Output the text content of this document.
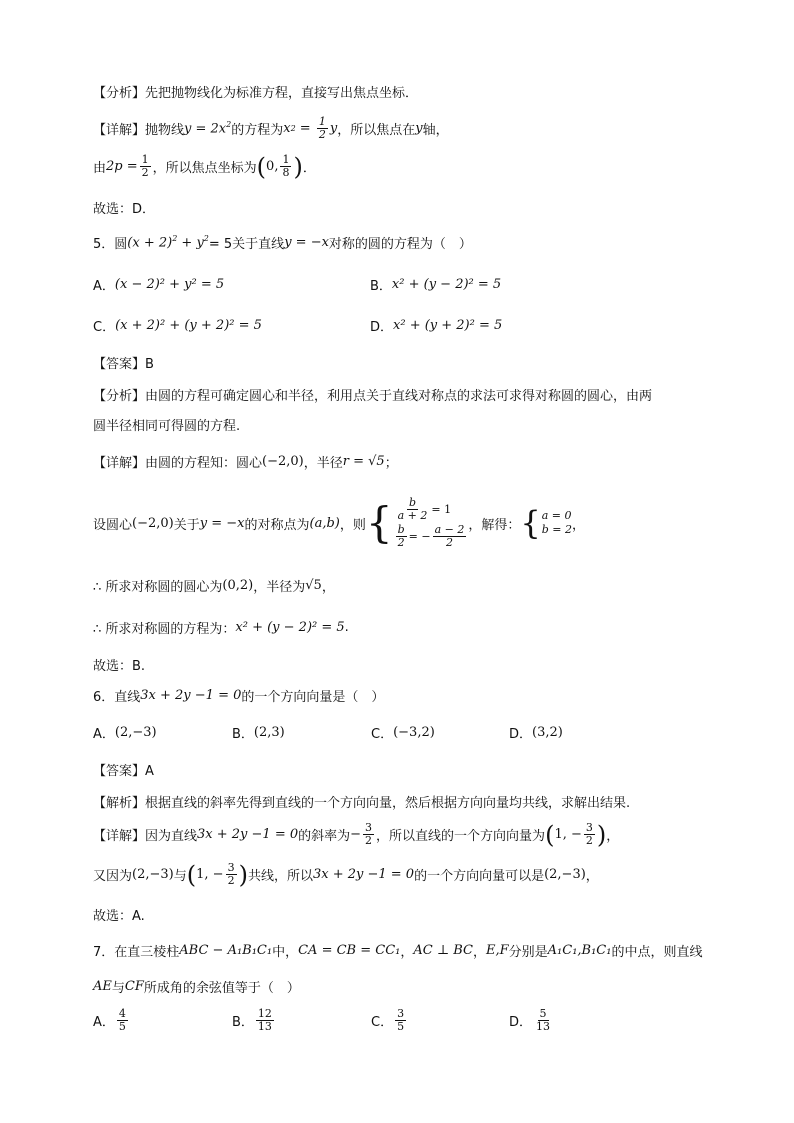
【分析】先把抛物线化为标准方程，直接写出焦点坐标．
【详解】抛物线 $y = 2x^2$ 的方程为 x $2 = \frac{1}{2}$ y ，所以焦点在 y 轴，
由 $2p = \frac{1}{2}$ ，所以焦点坐标为 ( 0 , $\frac{1}{8}$ ) ．
故选：D．
5．圆 $(x + 2)^2 + y^2 = 5$关于直线 y = −x 对称的圆的方程为（　）
A． (x − 2)² + y² = 5	B． x² + (y − 2)² = 5
C． (x + 2)² + (y + 2)² = 5	D． x² + (y + 2)² = 5
【答案】B
【分析】由圆的方程可确定圆心和半径，利用点关于直线对称点的求法可求得对称圆的圆心，由两
圆半径相同可得圆的方程.
【详解】由圆的方程知：圆心 (−2,0) ，半径 r = √5 ；
设圆心 (−2,0) 关于 y = −x 的对称点为 (a,b) ，则 { $\frac{b}{a + 2} = 1$
$\frac{b}{2}$ = − $\frac{a - 2}{2}$ ，解得： { a = 0
b = 2 ，
∴ 所求对称圆的圆心为 (0,2) ，半径为 √5 ，
∴ 所求对称圆的方程为： x² + (y − 2)² = 5 .
故选：B.
6．直线 3x + 2y −1 = 0 的一个方向向量是（　）
A． (2,−3)	B． (2,3)	C． (−3,2)	D． (3,2)
【答案】A
【解析】根据直线的斜率先得到直线的一个方向向量，然后根据方向向量均共线，求解出结果.
【详解】因为直线 3x + 2y −1 = 0 的斜率为 − $\frac{3}{2}$ ，所以直线的一个方向向量为 ( 1, − $\frac{3}{2}$ ) ，
又因为 (2,−3) 与 ( 1, − $\frac{3}{2}$ ) 共线，所以 3x + 2y −1 = 0 的一个方向向量可以是 (2,−3) ，
故选：A.
7．在直三棱柱 ABC − A₁B₁C₁ 中， CA = CB = CC₁ ， AC ⊥ BC ， E,F 分别是 A₁C₁,B₁C₁ 的中点，则直线
AE 与 CF 所成角的余弦值等于（　）
A． $\frac{4}{5}$	B． $\frac{12}{13}$	C． $\frac{3}{5}$	D． $\frac{5}{13}$
